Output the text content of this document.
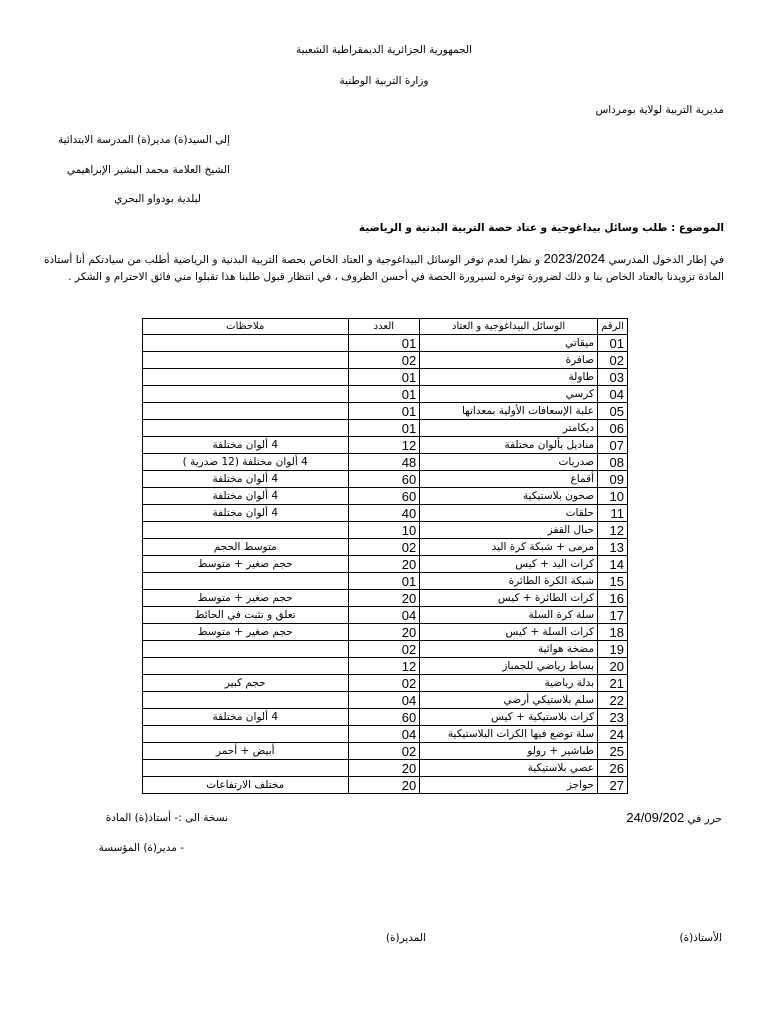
الجمهورية الجزائرية الديمقراطية الشعبية
وزارة التربية الوطنية
مديرية التربية لولاية بومرداس
إلى السيد(ة) مدير(ة) المدرسة الابتدائية
الشيخ العلامة محمد البشير الإبراهيمي
لبلدية بودواو البحري
الموضوع : طلب وسائل بيداغوجية و عتاد حصة التربية البدنية و الرياضية
في إطار الدخول المدرسي 2023/2024 و نظرا لعدم توفر الوسائل البيداغوجية و العتاد الخاص بحصة التربية البدنية و الرياضية أطلب من سيادتكم أنا أستاذة المادة تزويدنا بالعتاد الخاص بنا و ذلك لضرورة توفره لسيرورة الحصة في أحسن الظروف ، في انتظار قبول طلبنا هذا تقبلوا مني فائق الاحترام و الشكر .
الرقم	الوسائل البيداغوجية و العتاد	العدد	ملاحظات
01	ميقاتي	01	
02	صافرة	02	
03	طاولة	01	
04	كرسي	01	
05	علبة الإسعافات الأولية بمعداتها	01	
06	ديكامتر	01	
07	مناديل بألوان مختلفة	12	4 ألوان مختلفة
08	صدريات	48	4 ألوان مختلفة (12 صدرية )
09	أقماع	60	4 ألوان مختلفة
10	صحون بلاستيكية	60	4 ألوان مختلفة
11	حلقات	40	4 ألوان مختلفة
12	حبال القفز	10	
13	مرمى + شبكة كرة اليد	02	متوسط الحجم
14	كرات اليد + كيس	20	حجم صغير + متوسط
15	شبكة الكرة الطائرة	01	
16	كرات الطائرة + كيس	20	حجم صغير + متوسط
17	سلة كرة السلة	04	تعلق و تثبت في الحائط
18	كرات السلة + كيس	20	حجم صغير + متوسط
19	مضخة هوائية	02	
20	بساط رياضي للجمباز	12	
21	بدلة رياضية	02	حجم كبير
22	سلم بلاستيكي أرضي	04	
23	كرات بلاستيكية + كيس	60	4 ألوان مختلفة
24	سلة توضع فيها الكرات البلاستيكية	04	
25	طباشير + رولو	02	أبيض + أحمر
26	عصي بلاستيكية	20	
27	حواجز	20	مختلف الارتفاعات
حرر في 24/09/202
نسخة الى :- أستاذ(ة) المادة
- مدير(ة) المؤسسة
الأستاذ(ة)
المدير(ة)
